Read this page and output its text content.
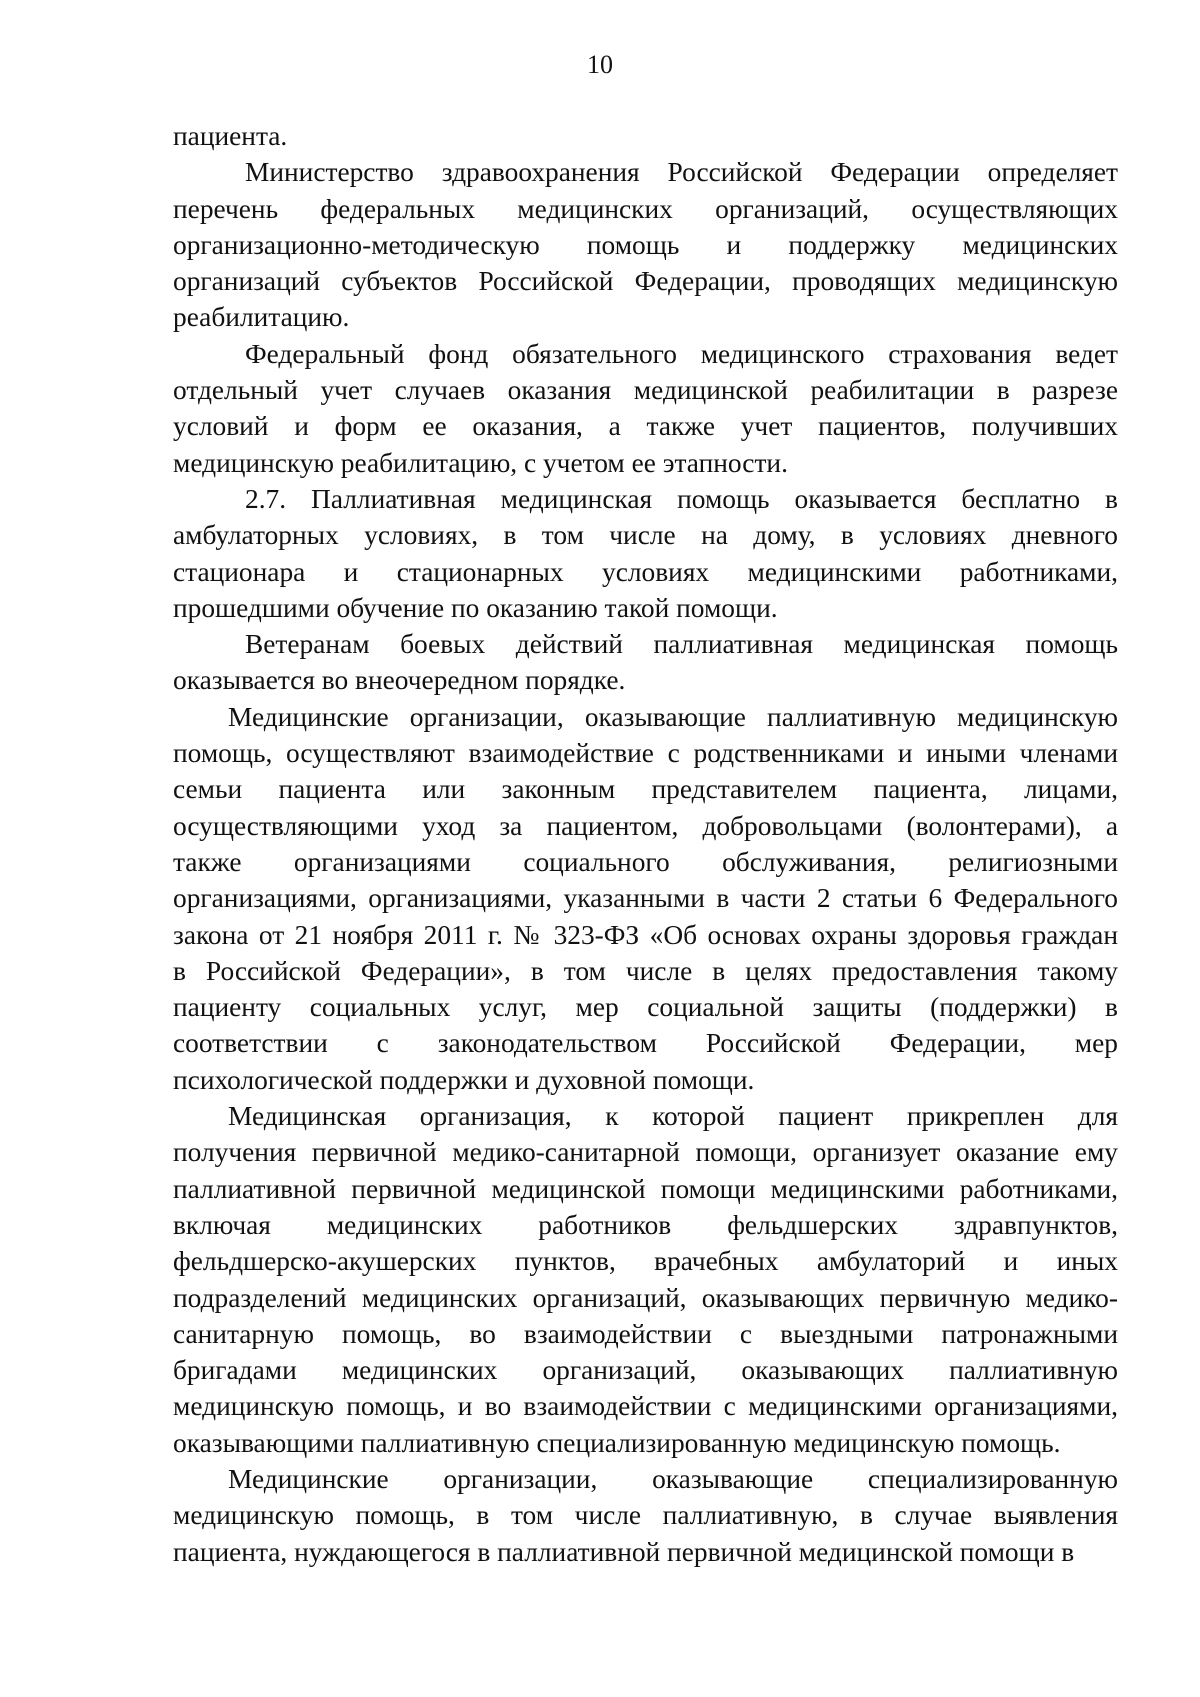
10
пациента.
Министерство здравоохранения Российской Федерации определяет
перечень федеральных медицинских организаций, осуществляющих
организационно-методическую помощь и поддержку медицинских
организаций субъектов Российской Федерации, проводящих медицинскую
реабилитацию.
Федеральный фонд обязательного медицинского страхования ведет
отдельный учет случаев оказания медицинской реабилитации в разрезе
условий и форм ее оказания, а также учет пациентов, получивших
медицинскую реабилитацию, с учетом ее этапности.
2.7. Паллиативная медицинская помощь оказывается бесплатно в
амбулаторных условиях, в том числе на дому, в условиях дневного
стационара и стационарных условиях медицинскими работниками,
прошедшими обучение по оказанию такой помощи.
Ветеранам боевых действий паллиативная медицинская помощь
оказывается во внеочередном порядке.
Медицинские организации, оказывающие паллиативную медицинскую
помощь, осуществляют взаимодействие с родственниками и иными членами
семьи пациента или законным представителем пациента, лицами,
осуществляющими уход за пациентом, добровольцами (волонтерами), а
также организациями социального обслуживания, религиозными
организациями, организациями, указанными в части 2 статьи 6 Федерального
закона от 21 ноября 2011 г. № 323-ФЗ «Об основах охраны здоровья граждан
в Российской Федерации», в том числе в целях предоставления такому
пациенту социальных услуг, мер социальной защиты (поддержки) в
соответствии с законодательством Российской Федерации, мер
психологической поддержки и духовной помощи.
Медицинская организация, к которой пациент прикреплен для
получения первичной медико-санитарной помощи, организует оказание ему
паллиативной первичной медицинской помощи медицинскими работниками,
включая медицинских работников фельдшерских здравпунктов,
фельдшерско-акушерских пунктов, врачебных амбулаторий и иных
подразделений медицинских организаций, оказывающих первичную медико-
санитарную помощь, во взаимодействии с выездными патронажными
бригадами медицинских организаций, оказывающих паллиативную
медицинскую помощь, и во взаимодействии с медицинскими организациями,
оказывающими паллиативную специализированную медицинскую помощь.
Медицинские организации, оказывающие специализированную
медицинскую помощь, в том числе паллиативную, в случае выявления
пациента, нуждающегося в паллиативной первичной медицинской помощи в
